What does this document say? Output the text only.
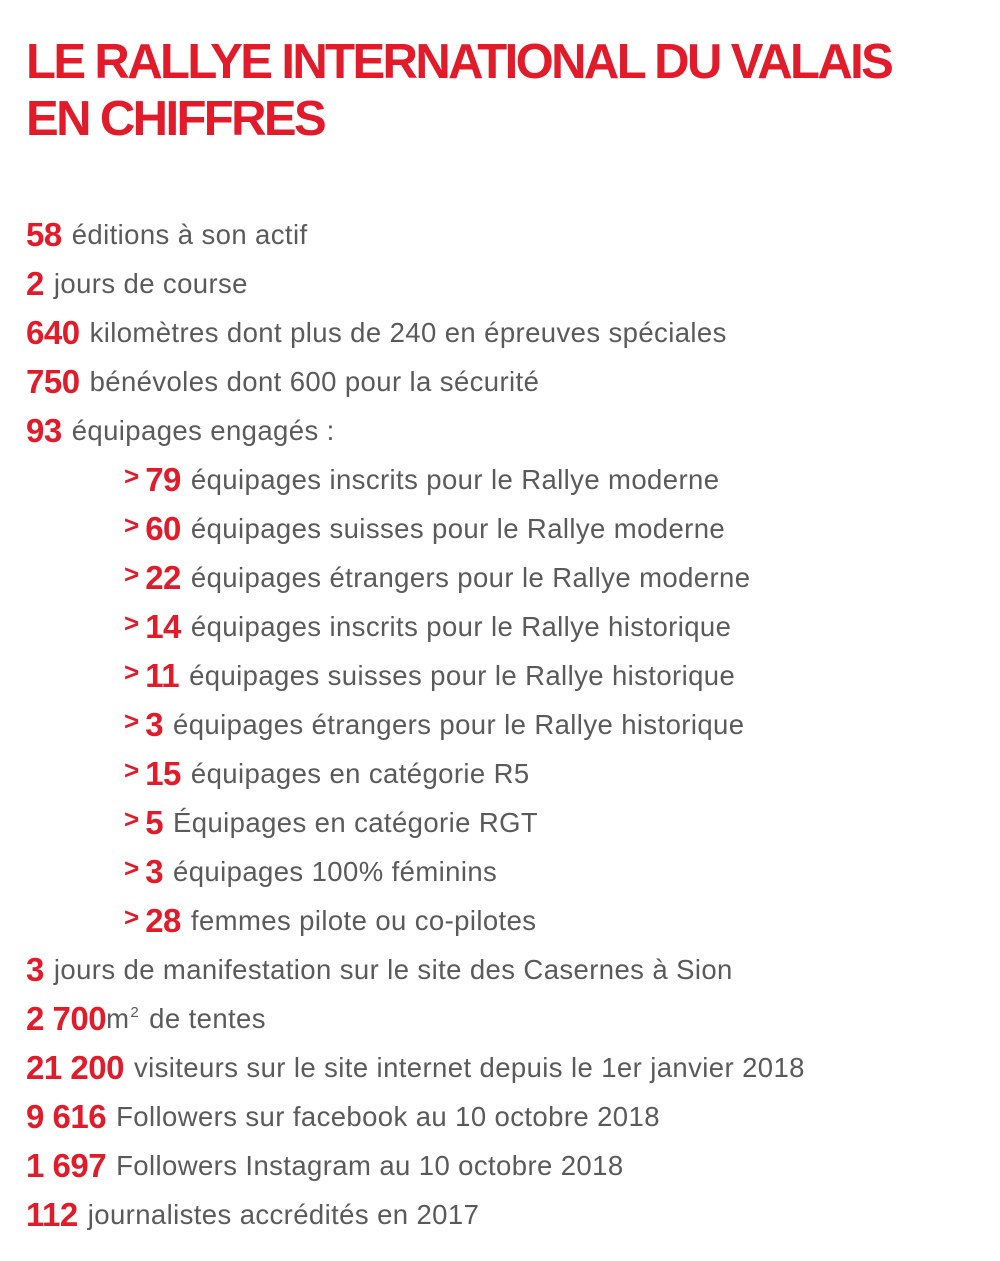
LE RALLYE INTERNATIONAL DU VALAIS
EN CHIFFRES
58 éditions à son actif
2 jours de course
640 kilomètres dont plus de 240 en épreuves spéciales
750 bénévoles dont 600 pour la sécurité
93 équipages engagés :
> 79 équipages inscrits pour le Rallye moderne
> 60 équipages suisses pour le Rallye moderne
> 22 équipages étrangers pour le Rallye moderne
> 14 équipages inscrits pour le Rallye historique
> 11 équipages suisses pour le Rallye historique
> 3 équipages étrangers pour le Rallye historique
> 15 équipages en catégorie R5
> 5 Équipages en catégorie RGT
> 3 équipages 100% féminins
> 28 femmes pilote ou co-pilotes
3 jours de manifestation sur le site des Casernes à Sion
2 700 $m^2$ de tentes
21 200 visiteurs sur le site internet depuis le 1er janvier 2018
9 616 Followers sur facebook au 10 octobre 2018
1 697 Followers Instagram au 10 octobre 2018
112 journalistes accrédités en 2017
